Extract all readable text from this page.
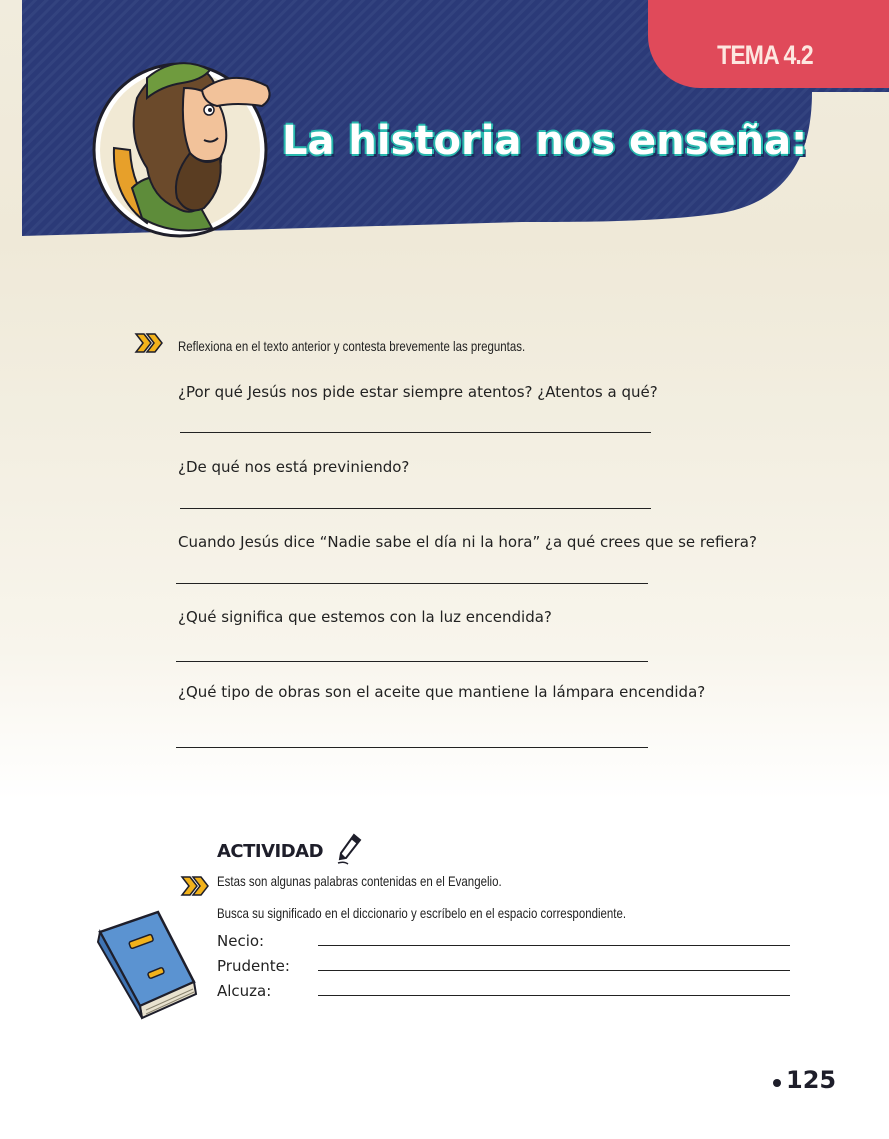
TEMA 4.2
La historia nos enseña:
Reflexiona en el texto anterior y contesta brevemente las preguntas.
¿Por qué Jesús nos pide estar siempre atentos? ¿Atentos a qué?
¿De qué nos está previniendo?
Cuando Jesús dice “Nadie sabe el día ni la hora” ¿a qué crees que se refiera?
¿Qué significa que estemos con la luz encendida?
¿Qué tipo de obras son el aceite que mantiene la lámpara encendida?
ACTIVIDAD
Estas son algunas palabras contenidas en el Evangelio.
Busca su significado en el diccionario y escríbelo en el espacio correspondiente.
Necio:
Prudente:
Alcuza:
125
